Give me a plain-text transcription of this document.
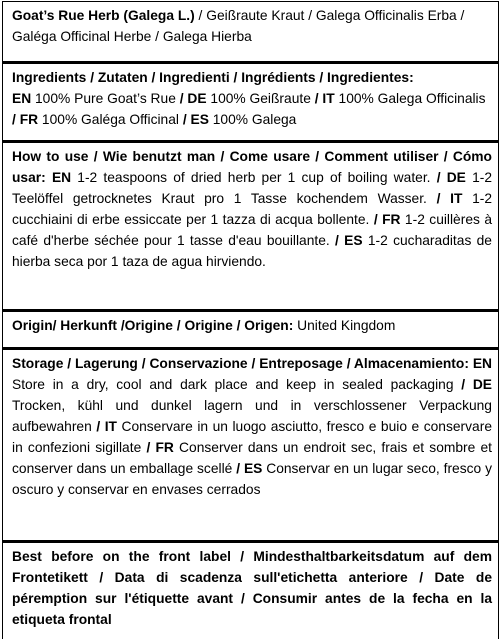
Goat’s Rue Herb (Galega L.) / Geißraute Kraut / Galega Officinalis Erba / Galéga Officinal Herbe / Galega Hierba
Ingredients / Zutaten / Ingredienti / Ingrédients / Ingredientes:
EN 100% Pure Goat’s Rue / DE 100% Geißraute / IT 100% Galega Officinalis / FR 100% Galéga Officinal / ES 100% Galega
How to use / Wie benutzt man / Come usare / Comment utiliser / Cómo usar: EN 1-2 teaspoons of dried herb per 1 cup of boiling water. / DE 1-2 Teelöffel getrocknetes Kraut pro 1 Tasse kochendem Wasser. / IT 1-2 cucchiaini di erbe essiccate per 1 tazza di acqua bollente. / FR 1-2 cuillères à café d'herbe séchée pour 1 tasse d'eau bouillante. / ES 1-2 cucharaditas de hierba seca por 1 taza de agua hirviendo.
Origin/ Herkunft /Origine / Origine / Origen: United Kingdom
Storage / Lagerung / Conservazione / Entreposage / Almacenamiento: EN Store in a dry, cool and dark place and keep in sealed packaging / DE Trocken, kühl und dunkel lagern und in verschlossener Verpackung aufbewahren / IT Conservare in un luogo asciutto, fresco e buio e conservare in confezioni sigillate / FR Conserver dans un endroit sec, frais et sombre et conserver dans un emballage scellé / ES Conservar en un lugar seco, fresco y oscuro y conservar en envases cerrados
Best before on the front label / Mindesthaltbarkeitsdatum auf dem Frontetikett / Data di scadenza sull'etichetta anteriore / Date de péremption sur l'étiquette avant / Consumir antes de la fecha en la etiqueta frontal
